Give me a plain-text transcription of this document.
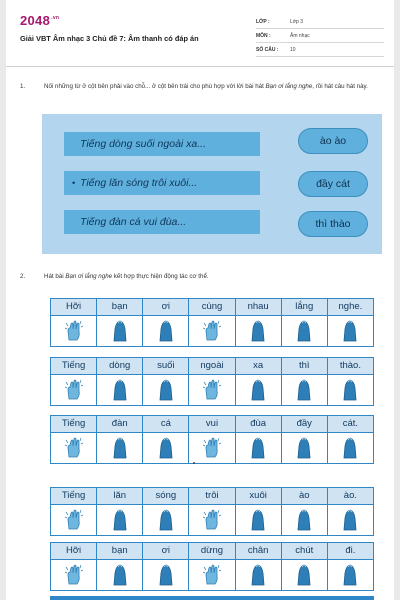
$2048^{.vn}$
Giải VBT Âm nhạc 3 Chủ đề 7: Âm thanh có đáp án
LỚP :	Lớp 3
MÔN :	Âm nhạc
SỐ CÂU :	10
1.	Nối những từ ở cột bên phải vào chỗ... ở cột bên trái cho phù hợp với lời bài hát Bạn ơi lắng nghe, rồi hát câu hát này.
Tiếng dòng suối ngoài xa...
• Tiếng lăn sóng trôi xuôi...
Tiếng đàn cá vui đùa...
ào ào
đầy cát
thì thào
2.	Hát bài Bạn ơi lắng nghe kết hợp thực hiện động tác cơ thể.
Hỡi	bạn	ơi	cùng	nhau	lắng	nghe.
Tiếng	dòng	suối	ngoài	xa	thì	thào.
Tiếng	đàn	cá	vui	đùa	đầy	cát.
Tiếng	lăn	sóng	trôi	xuôi	ào	ào.
Hỡi	bạn	ơi	dừng	chân	chút	đi.
